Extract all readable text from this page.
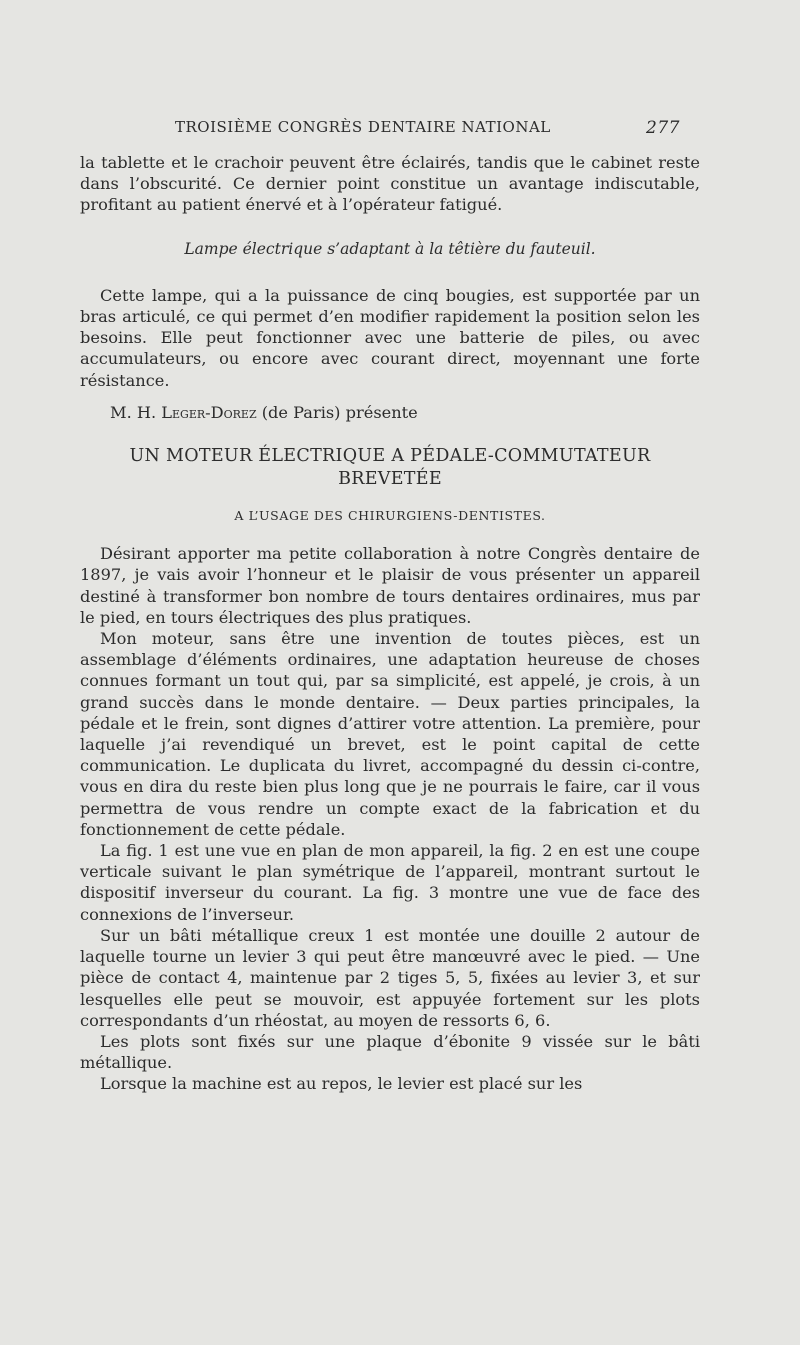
TROISIÈME CONGRÈS DENTAIRE NATIONAL	277

la tablette et le crachoir peuvent être éclairés, tandis que le cabinet reste dans l’obscurité. Ce dernier point constitue un avantage indiscutable, profitant au patient énervé et à l’opérateur fatigué.

Lampe électrique s’adaptant à la têtière du fauteuil.

Cette lampe, qui a la puissance de cinq bougies, est supportée par un bras articulé, ce qui permet d’en modifier rapidement la position selon les besoins. Elle peut fonctionner avec une batterie de piles, ou avec accumulateurs, ou encore avec courant direct, moyennant une forte résistance.

M. H. Leger-Dorez (de Paris) présente

UN MOTEUR ÉLECTRIQUE A PÉDALE-COMMUTATEUR

BREVETÉE

A L’USAGE DES CHIRURGIENS-DENTISTES.

Désirant apporter ma petite collaboration à notre Congrès dentaire de 1897, je vais avoir l’honneur et le plaisir de vous présenter un appareil destiné à transformer bon nombre de tours dentaires ordinaires, mus par le pied, en tours électriques des plus pratiques.

Mon moteur, sans être une invention de toutes pièces, est un assemblage d’éléments ordinaires, une adaptation heureuse de choses connues formant un tout qui, par sa simplicité, est appelé, je crois, à un grand succès dans le monde dentaire. — Deux parties principales, la pédale et le frein, sont dignes d’attirer votre attention. La première, pour laquelle j’ai revendiqué un brevet, est le point capital de cette communication. Le duplicata du livret, accompagné du dessin ci-contre, vous en dira du reste bien plus long que je ne pourrais le faire, car il vous permettra de vous rendre un compte exact de la fabrication et du fonctionnement de cette pédale.

La fig. 1 est une vue en plan de mon appareil, la fig. 2 en est une coupe verticale suivant le plan symétrique de l’appareil, montrant surtout le dispositif inverseur du courant. La fig. 3 montre une vue de face des connexions de l’inverseur.

Sur un bâti métallique creux 1 est montée une douille 2 autour de laquelle tourne un levier 3 qui peut être manœuvré avec le pied. — Une pièce de contact 4, maintenue par 2 tiges 5, 5, fixées au levier 3, et sur lesquelles elle peut se mouvoir, est appuyée fortement sur les plots correspondants d’un rhéostat, au moyen de ressorts 6, 6.

Les plots sont fixés sur une plaque d’ébonite 9 vissée sur le bâti métallique.

Lorsque la machine est au repos, le levier est placé sur les
